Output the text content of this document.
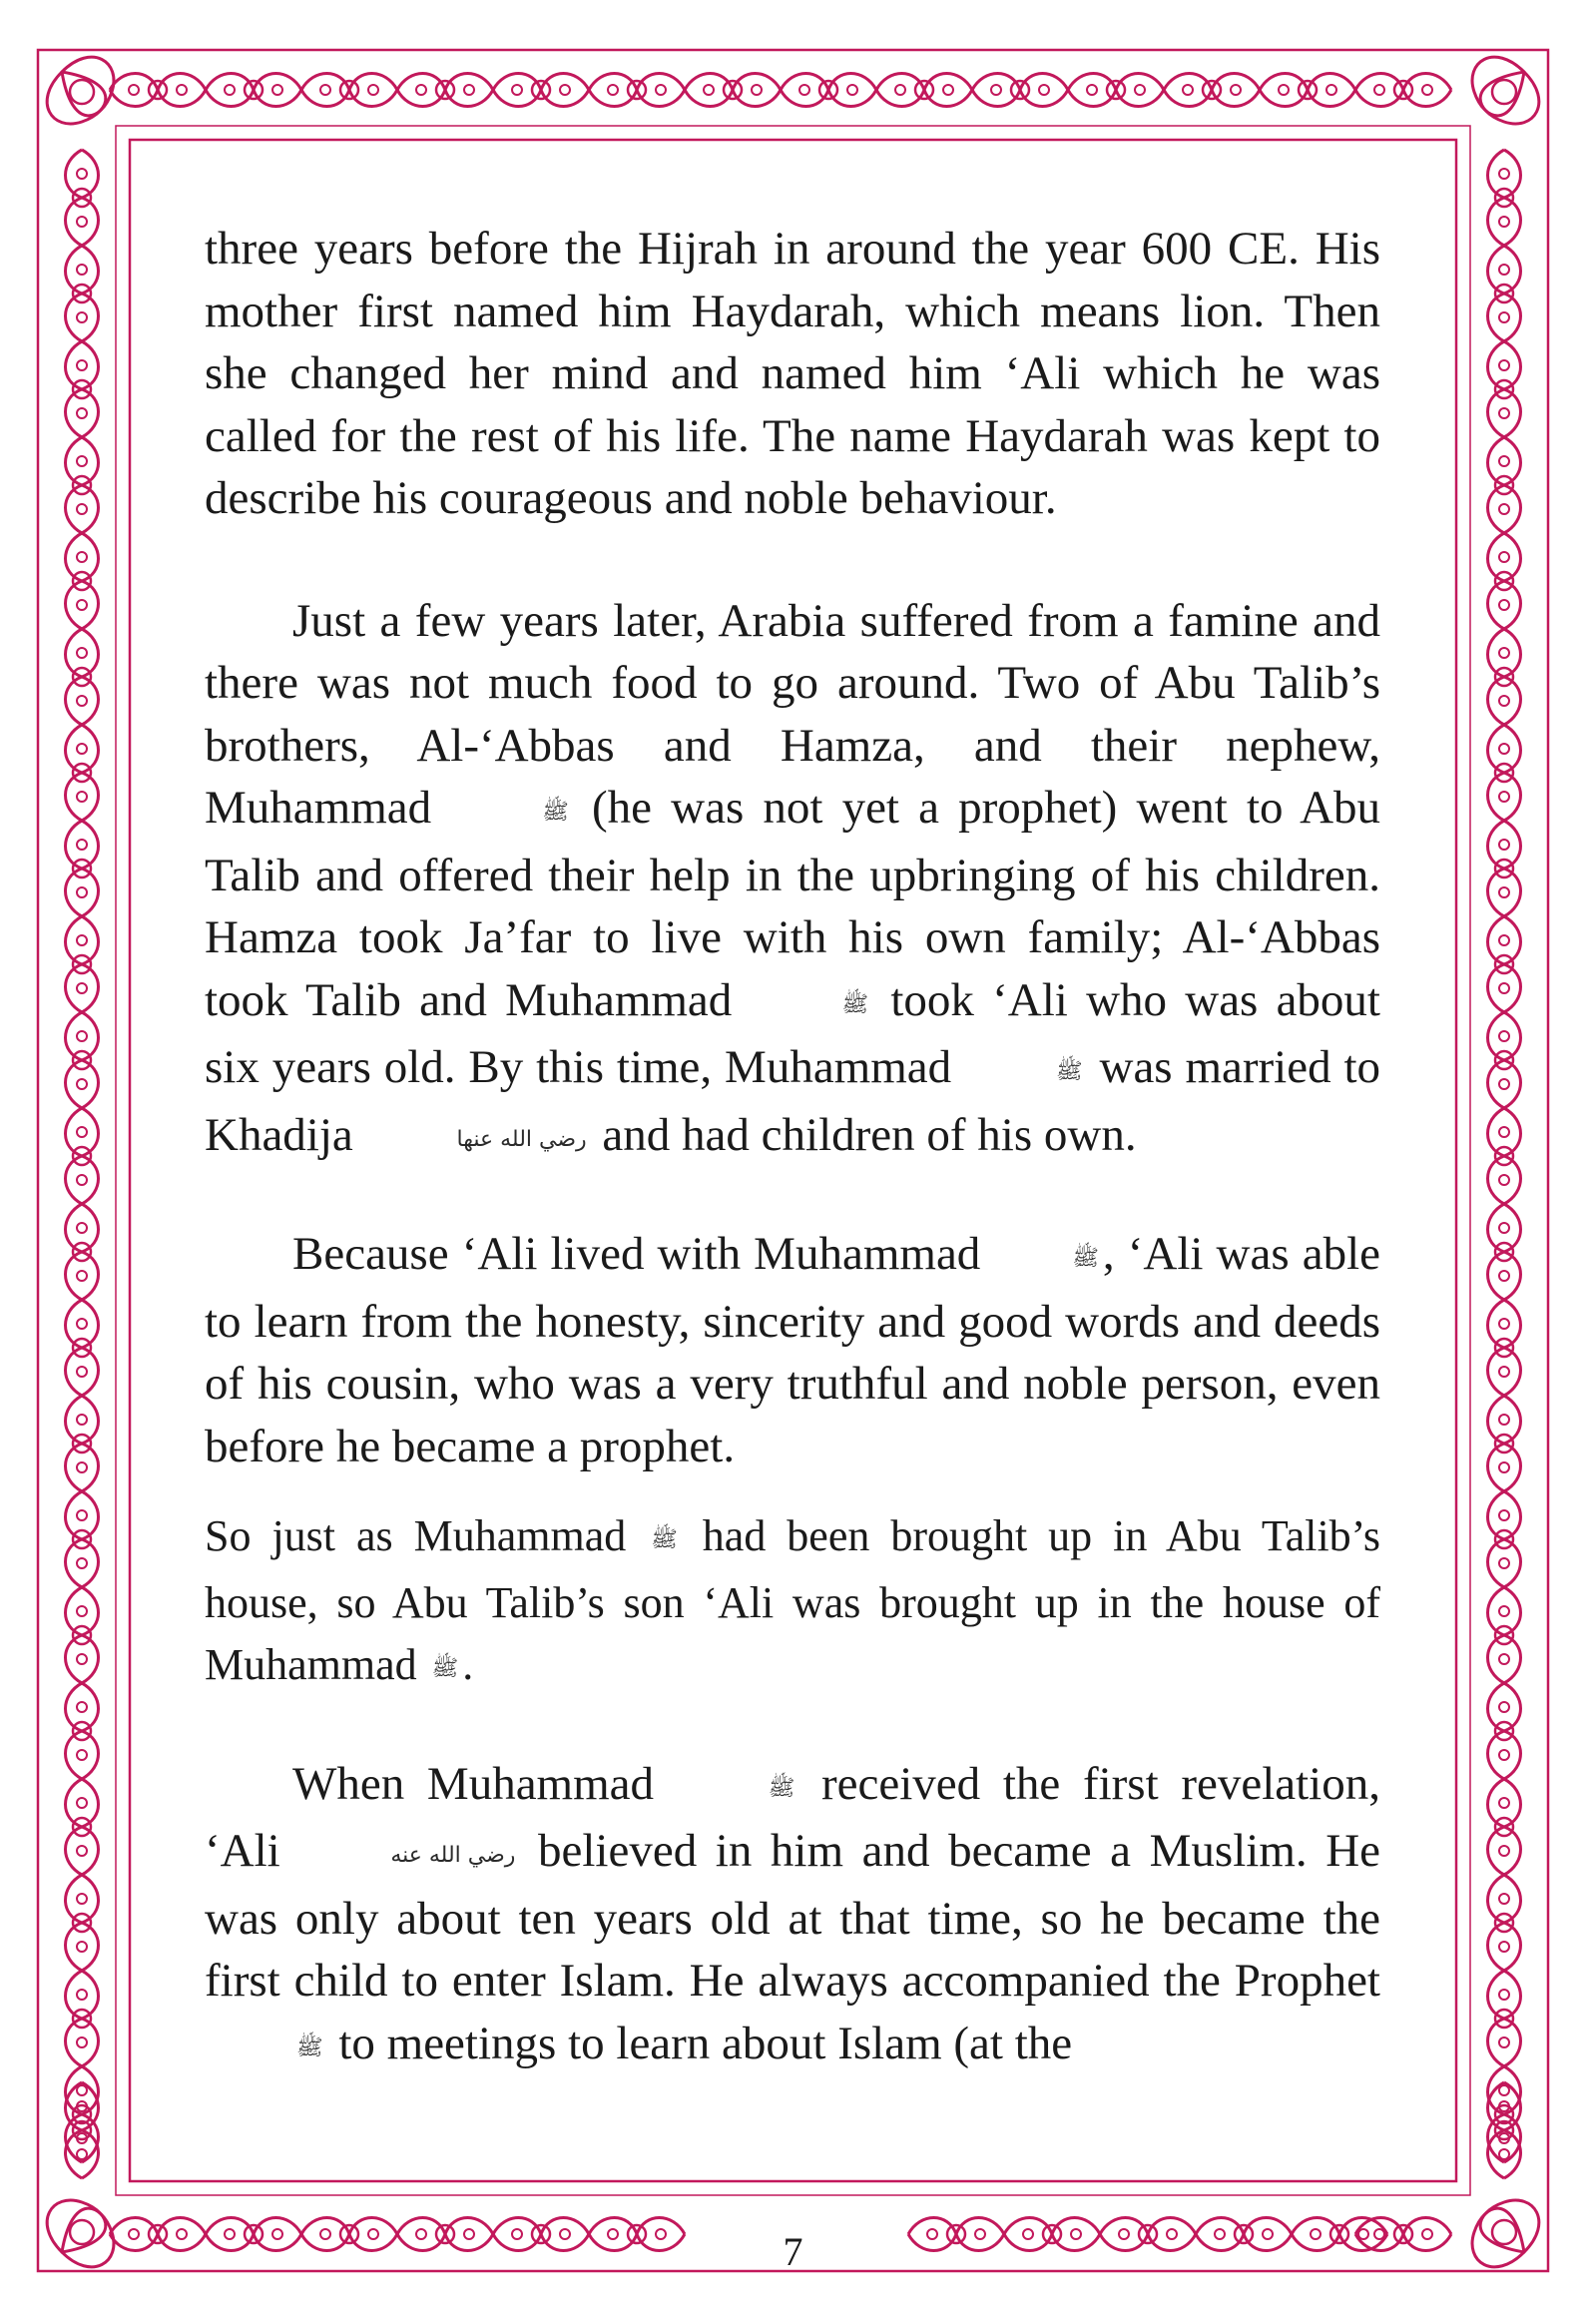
three years before the Hijrah in around the year 600 CE. His mother first named him Haydarah, which means lion. Then she changed her mind and named him ‘Ali which he was called for the rest of his life. The name Haydarah was kept to describe his courageous and noble behaviour.

Just a few years later, Arabia suffered from a famine and there was not much food to go around. Two of Abu Talib’s brothers, Al-‘Abbas and Hamza, and their nephew, Muhammad	ﷺ (he was not yet a prophet) went to Abu Talib and offered their help in the upbringing of his children. Hamza took Ja’far to live with his own family; Al-‘Abbas took Talib and Muhammad	ﷺ took ‘Ali who was about six years old. By this time, Muhammad	ﷺ was married to Khadija	رضي الله عنها and had children of his own.

Because ‘Ali lived with Muhammad	ﷺ, ‘Ali was able to learn from the honesty, sincerity and good words and deeds of his cousin, who was a very truthful and noble person, even before he became a prophet.

So just as Muhammad ﷺ had been brought up in Abu Talib’s house, so Abu Talib’s son ‘Ali was brought up in the house of Muhammad ﷺ.

When Muhammad	ﷺ received the first revelation, ‘Ali	رضي الله عنه believed in him and became a Muslim. He was only about ten years old at that time, so he became the first child to enter Islam. He always accompanied the Prophet ﷺ to meetings to learn about Islam (at the

7
